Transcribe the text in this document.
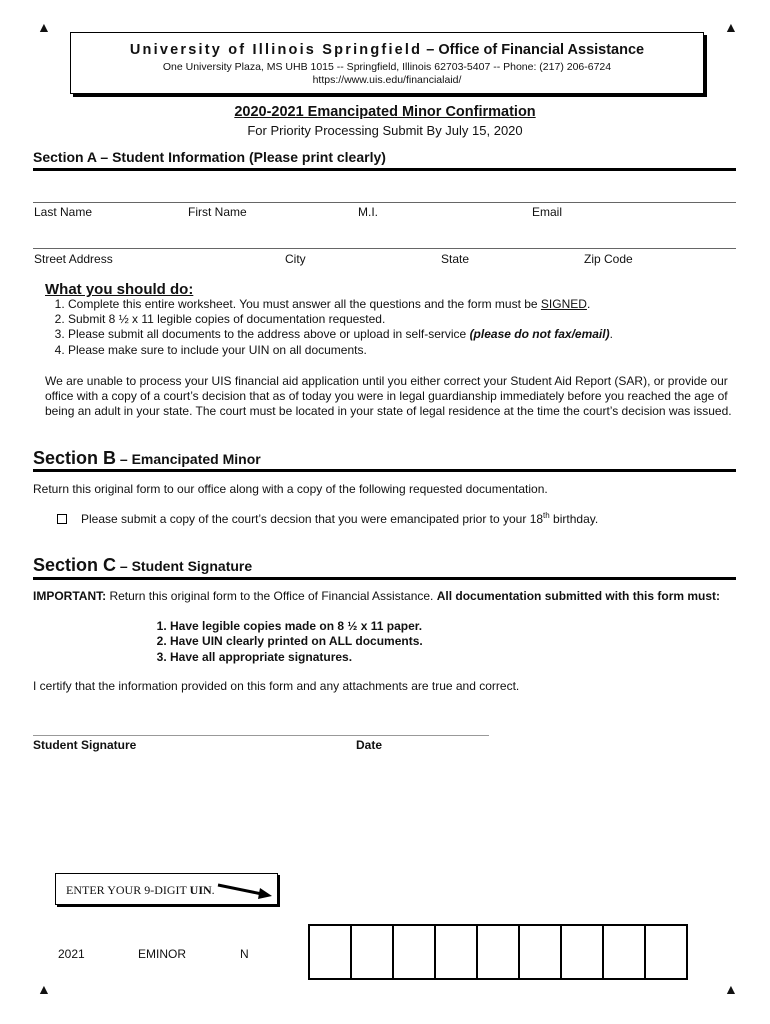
▲	▲
▲	▲
University of Illinois Springfield – Office of Financial Assistance
One University Plaza, MS UHB 1015 -- Springfield, Illinois 62703-5407 -- Phone: (217) 206-6724
https://www.uis.edu/financialaid/
2020-2021 Emancipated Minor Confirmation
For Priority Processing Submit By July 15, 2020
Section A – Student Information (Please print clearly)
Last Name	First Name	M.I.	Email
Street Address	City	State	Zip Code
What you should do:
1. Complete this entire worksheet. You must answer all the questions and the form must be SIGNED.
2. Submit 8 ½ x 11 legible copies of documentation requested.
3. Please submit all documents to the address above or upload in self-service (please do not fax/email).
4. Please make sure to include your UIN on all documents.
We are unable to process your UIS financial aid application until you either correct your Student Aid Report (SAR), or provide our office with a copy of a court’s decision that as of today you were in legal guardianship immediately before you reached the age of being an adult in your state. The court must be located in your state of legal residence at the time the court’s decision was issued.
Section B – Emancipated Minor
Return this original form to our office along with a copy of the following requested documentation.
Please submit a copy of the court’s decsion that you were emancipated prior to your 18th birthday.
Section C – Student Signature
IMPORTANT: Return this original form to the Office of Financial Assistance. All documentation submitted with this form must:
1. Have legible copies made on 8 ½ x 11 paper.
2. Have UIN clearly printed on ALL documents.
3. Have all appropriate signatures.
I certify that the information provided on this form and any attachments are true and correct.
Student Signature	Date
ENTER YOUR 9-DIGIT UIN.
2021	EMINOR	N
